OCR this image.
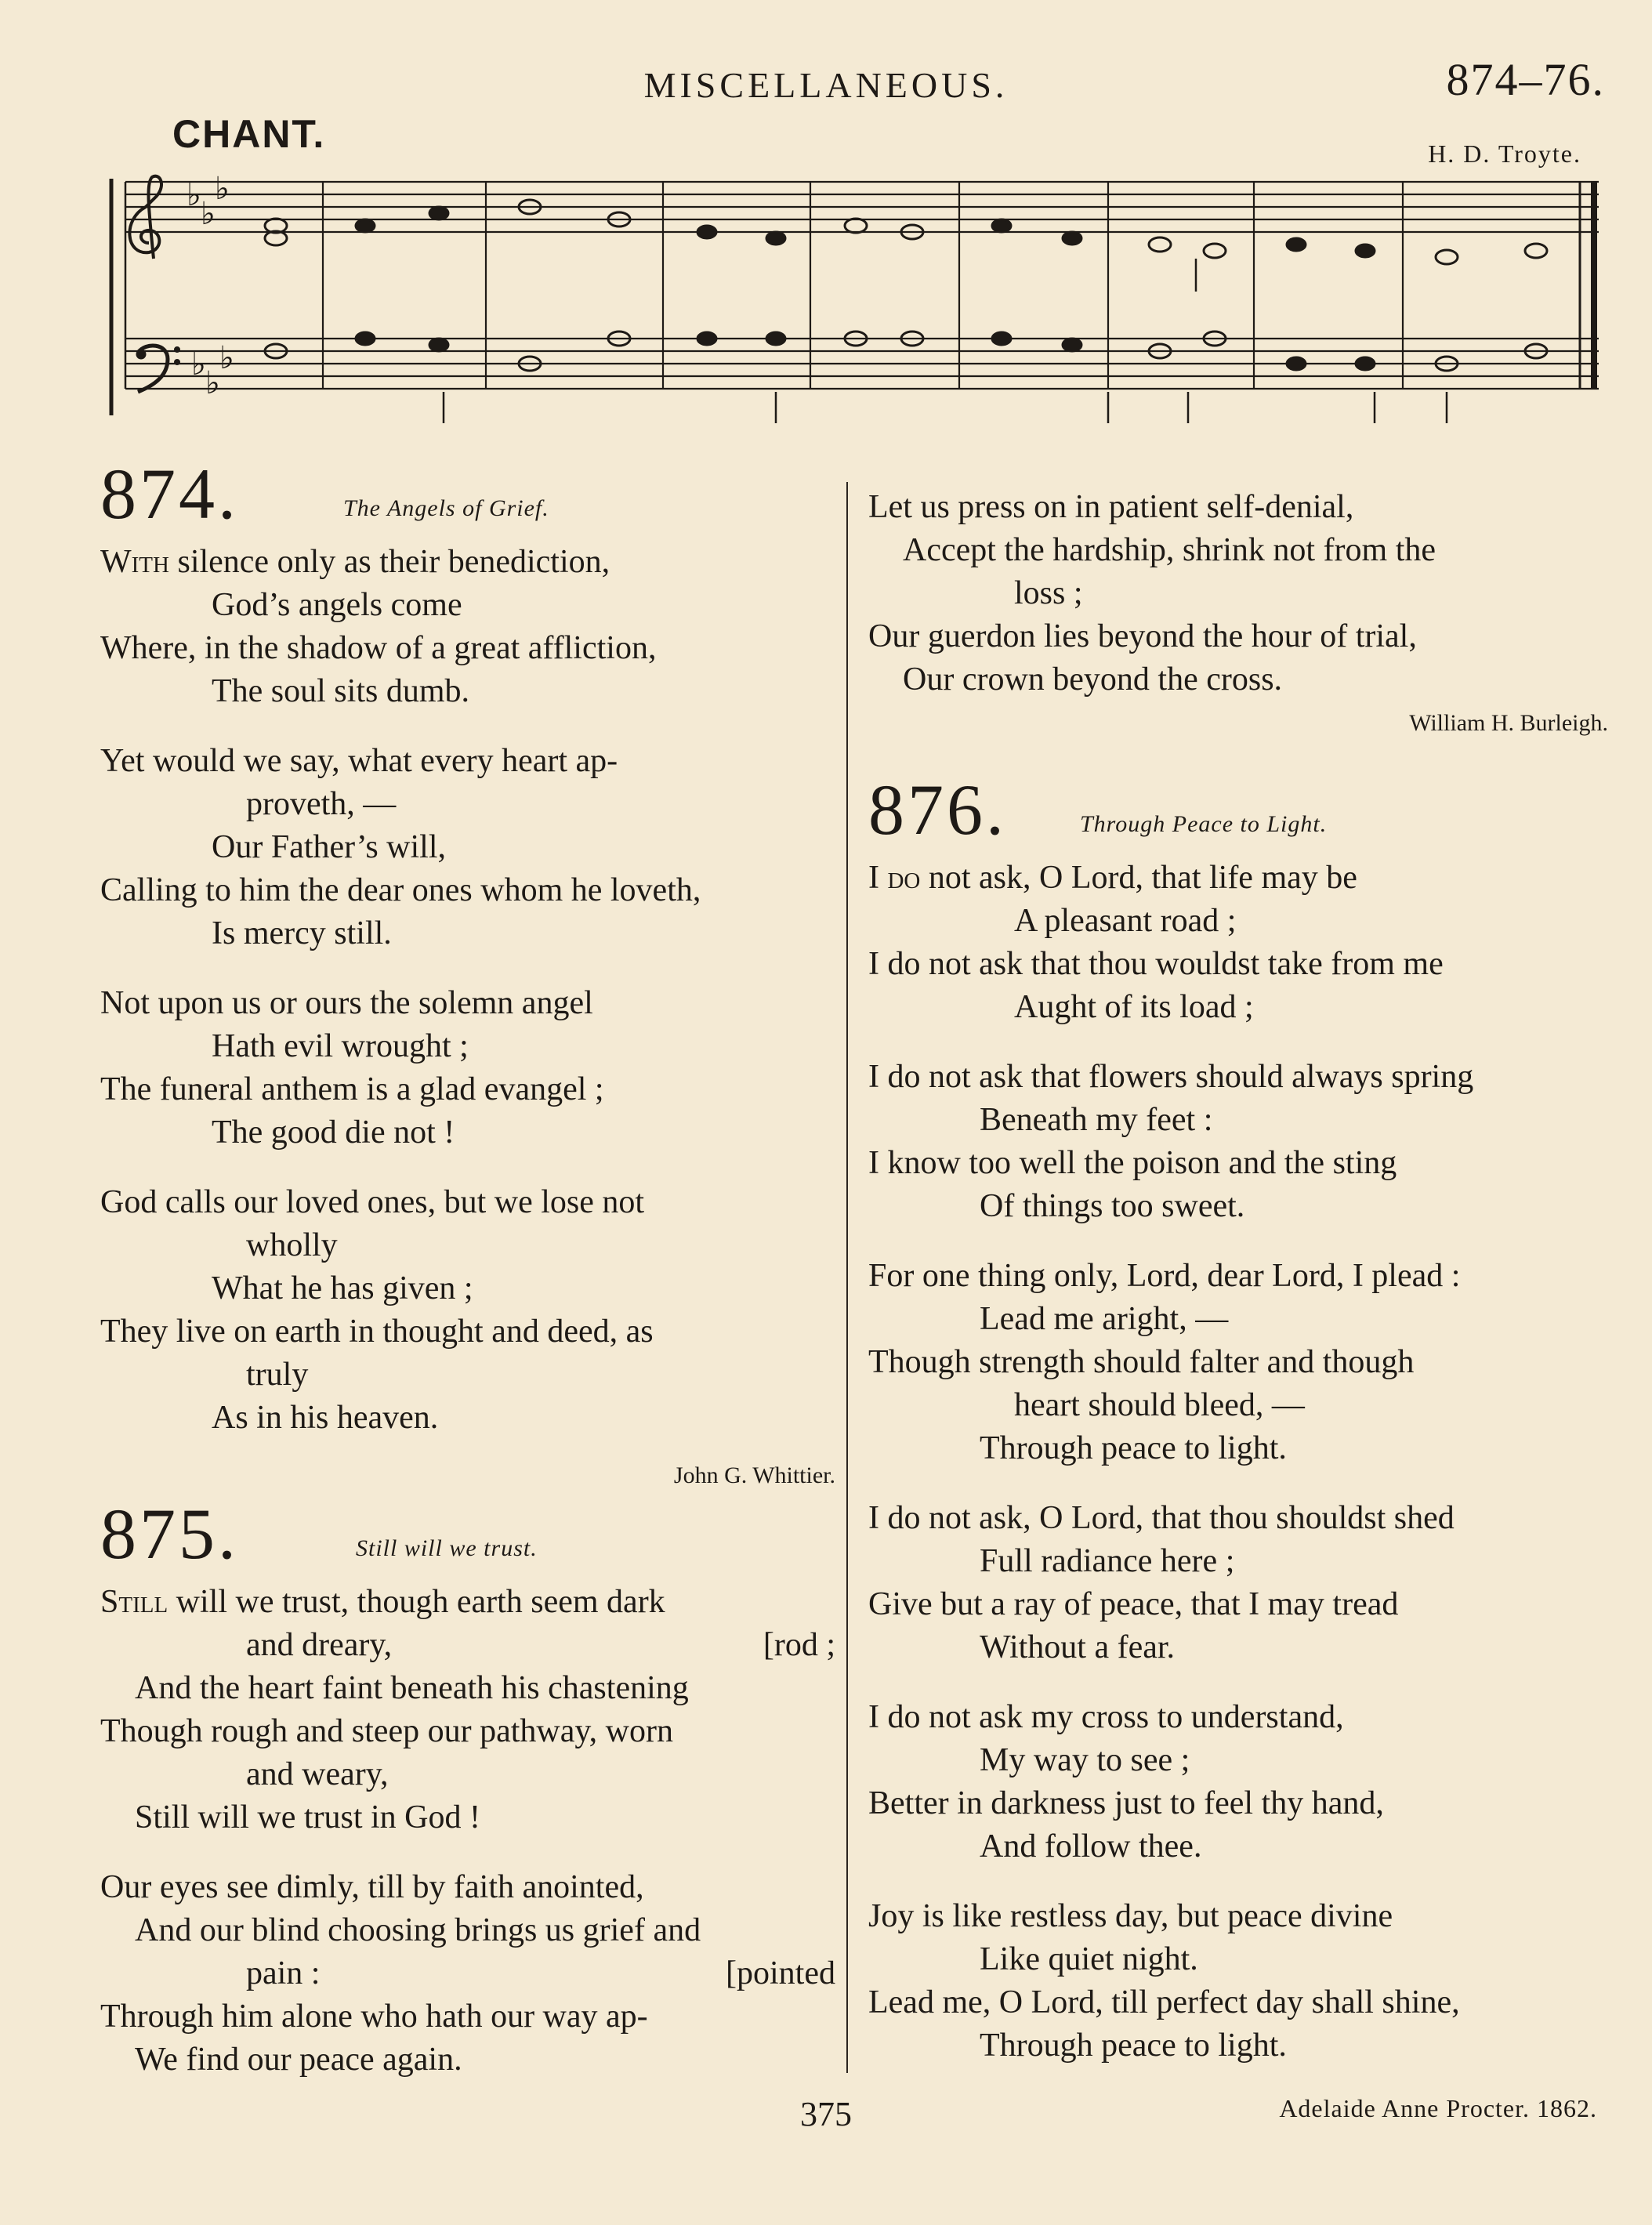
MISCELLANEOUS.	874–76.
CHANT.	H. D. Troyte.
♭
♭
♭
♭
♭
♭
874.	The Angels of Grief.
With silence only as their benediction,
God’s angels come
Where, in the shadow of a great affliction,
The soul sits dumb.
Yet would we say, what every heart ap-
proveth, —
Our Father’s will,
Calling to him the dear ones whom he loveth,
Is mercy still.
Not upon us or ours the solemn angel
Hath evil wrought ;
The funeral anthem is a glad evangel ;
The good die not !
God calls our loved ones, but we lose not
wholly
What he has given ;
They live on earth in thought and deed, as
truly
As in his heaven.
John G. Whittier.
875.	Still will we trust.
Still will we trust, though earth seem dark
and dreary,	[rod ;
And the heart faint beneath his chastening
Though rough and steep our pathway, worn
and weary,
Still will we trust in God !
Our eyes see dimly, till by faith anointed,
And our blind choosing brings us grief and
pain :	[pointed
Through him alone who hath our way ap-
We find our peace again.
Let us press on in patient self-denial,
Accept the hardship, shrink not from the
loss ;
Our guerdon lies beyond the hour of trial,
Our crown beyond the cross.
William H. Burleigh.
876.	Through Peace to Light.
I do not ask, O Lord, that life may be
A pleasant road ;
I do not ask that thou wouldst take from me
Aught of its load ;
I do not ask that flowers should always spring
Beneath my feet :
I know too well the poison and the sting
Of things too sweet.
For one thing only, Lord, dear Lord, I plead :
Lead me aright, —
Though strength should falter and though
heart should bleed, —
Through peace to light.
I do not ask, O Lord, that thou shouldst shed
Full radiance here ;
Give but a ray of peace, that I may tread
Without a fear.
I do not ask my cross to understand,
My way to see ;
Better in darkness just to feel thy hand,
And follow thee.
Joy is like restless day, but peace divine
Like quiet night.
Lead me, O Lord, till perfect day shall shine,
Through peace to light.
375	Adelaide Anne Procter. 1862.
